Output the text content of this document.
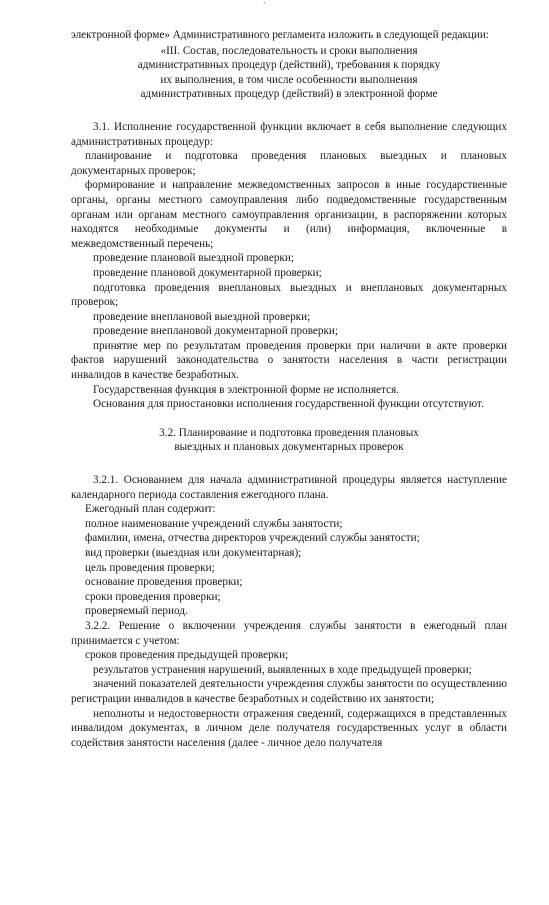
`

электронной форме» Административного регламента изложить в следующей редакции:

«III. Состав, последовательность и сроки выполнения

административных процедур (действий), требования к порядку

их выполнения, в том числе особенности выполнения

административных процедур (действий) в электронной форме

3.1. Исполнение государственной функции включает в себя выполнение следующих административных процедур:

планирование и подготовка проведения плановых выездных и плановых документарных проверок;

формирование и направление межведомственных запросов в иные государственные органы, органы местного самоуправления либо подведомственные государственным органам или органам местного самоуправления организации, в распоряжении которых находятся необходимые документы и (или) информация, включенные в межведомственный перечень;

проведение плановой выездной проверки;

проведение плановой документарной проверки;

подготовка проведения внеплановых выездных и внеплановых документарных проверок;

проведение внеплановой выездной проверки;

проведение внеплановой документарной проверки;

принятие мер по результатам проведения проверки при наличии в акте проверки фактов нарушений законодательства о занятости населения в части регистрации инвалидов в качестве безработных.

Государственная функция в электронной форме не исполняется.

Основания для приостановки исполнения государственной функции отсутствуют.

3.2. Планирование и подготовка проведения плановых

выездных и плановых документарных проверок

3.2.1. Основанием для начала административной процедуры является наступление календарного периода составления ежегодного плана.

Ежегодный план содержит:

полное наименование учреждений службы занятости;

фамилии, имена, отчества директоров учреждений службы занятости;

вид проверки (выездная или документарная);

цель проведения проверки;

основание проведения проверки;

сроки проведения проверки;

проверяемый период.

3.2.2. Решение о включении учреждения службы занятости в ежегодный план принимается с учетом:

сроков проведения предыдущей проверки;

результатов устранения нарушений, выявленных в ходе предыдущей проверки;

значений показателей деятельности учреждения службы занятости по осуществлению регистрации инвалидов в качестве безработных и содействию их занятости;

неполноты и недостоверности отражения сведений, содержащихся в представленных инвалидом документах, в личном деле получателя государственных услуг в области содействия занятости населения (далее - личное дело получателя
